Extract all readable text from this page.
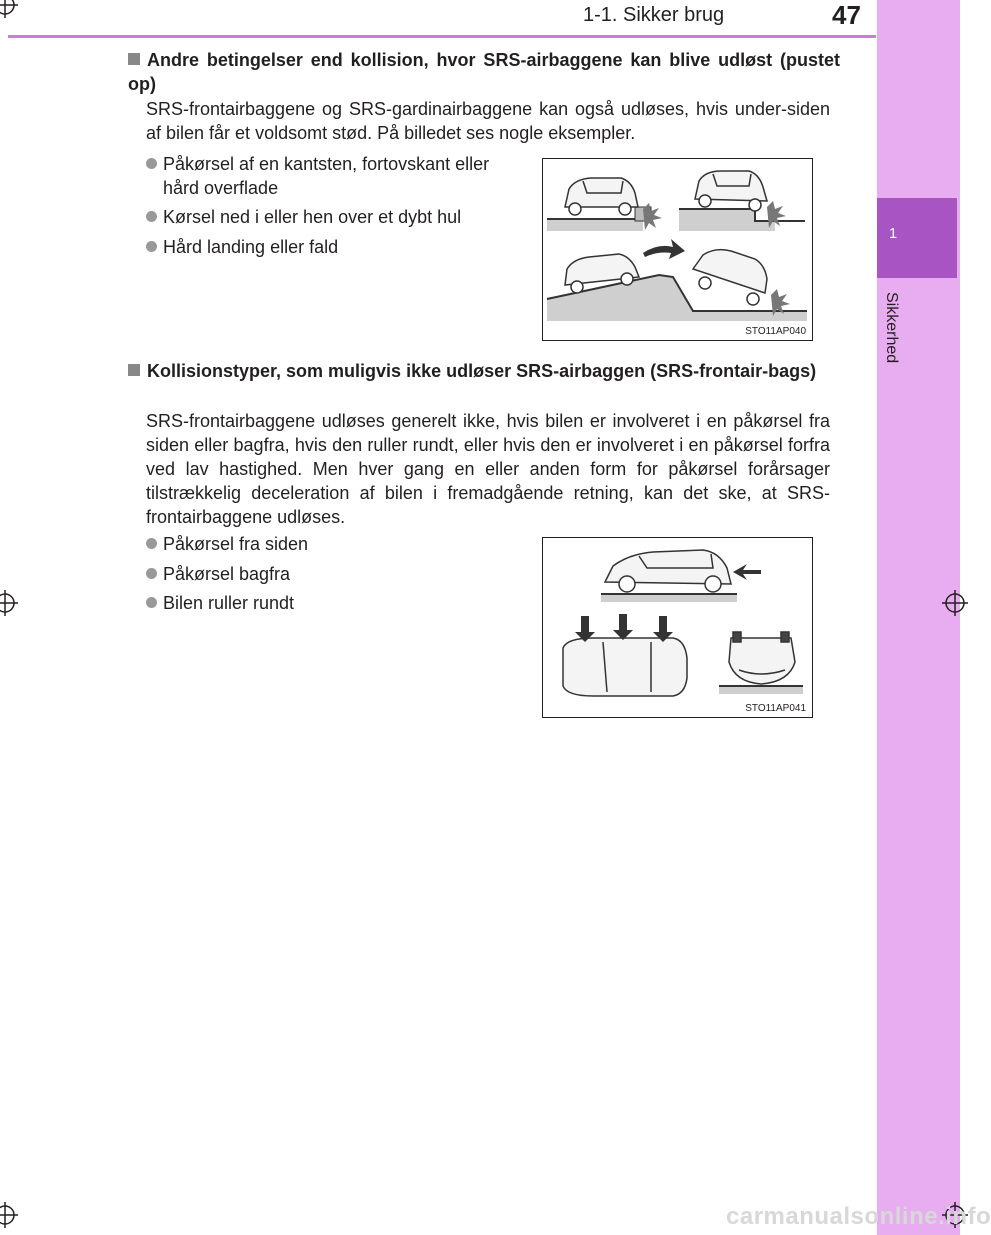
1-1. Sikker brug	47
1
Sikkerhed
Andre betingelser end kollision, hvor SRS-airbaggene kan blive udløst (pustet op)
SRS-frontairbaggene og SRS-gardinairbaggene kan også udløses, hvis under-siden af bilen får et voldsomt stød. På billedet ses nogle eksempler.
Påkørsel af en kantsten, fortovskant eller hård overflade
Kørsel ned i eller hen over et dybt hul
Hård landing eller fald
STO11AP040
Kollisionstyper, som muligvis ikke udløser SRS-airbaggen (SRS-frontair-bags)
SRS-frontairbaggene udløses generelt ikke, hvis bilen er involveret i en påkørsel fra siden eller bagfra, hvis den ruller rundt, eller hvis den er involveret i en påkørsel forfra ved lav hastighed. Men hver gang en eller anden form for påkørsel forårsager tilstrækkelig deceleration af bilen i fremadgående retning, kan det ske, at SRS-frontairbaggene udløses.
Påkørsel fra siden
Påkørsel bagfra
Bilen ruller rundt
STO11AP041
carmanualsonline.info
